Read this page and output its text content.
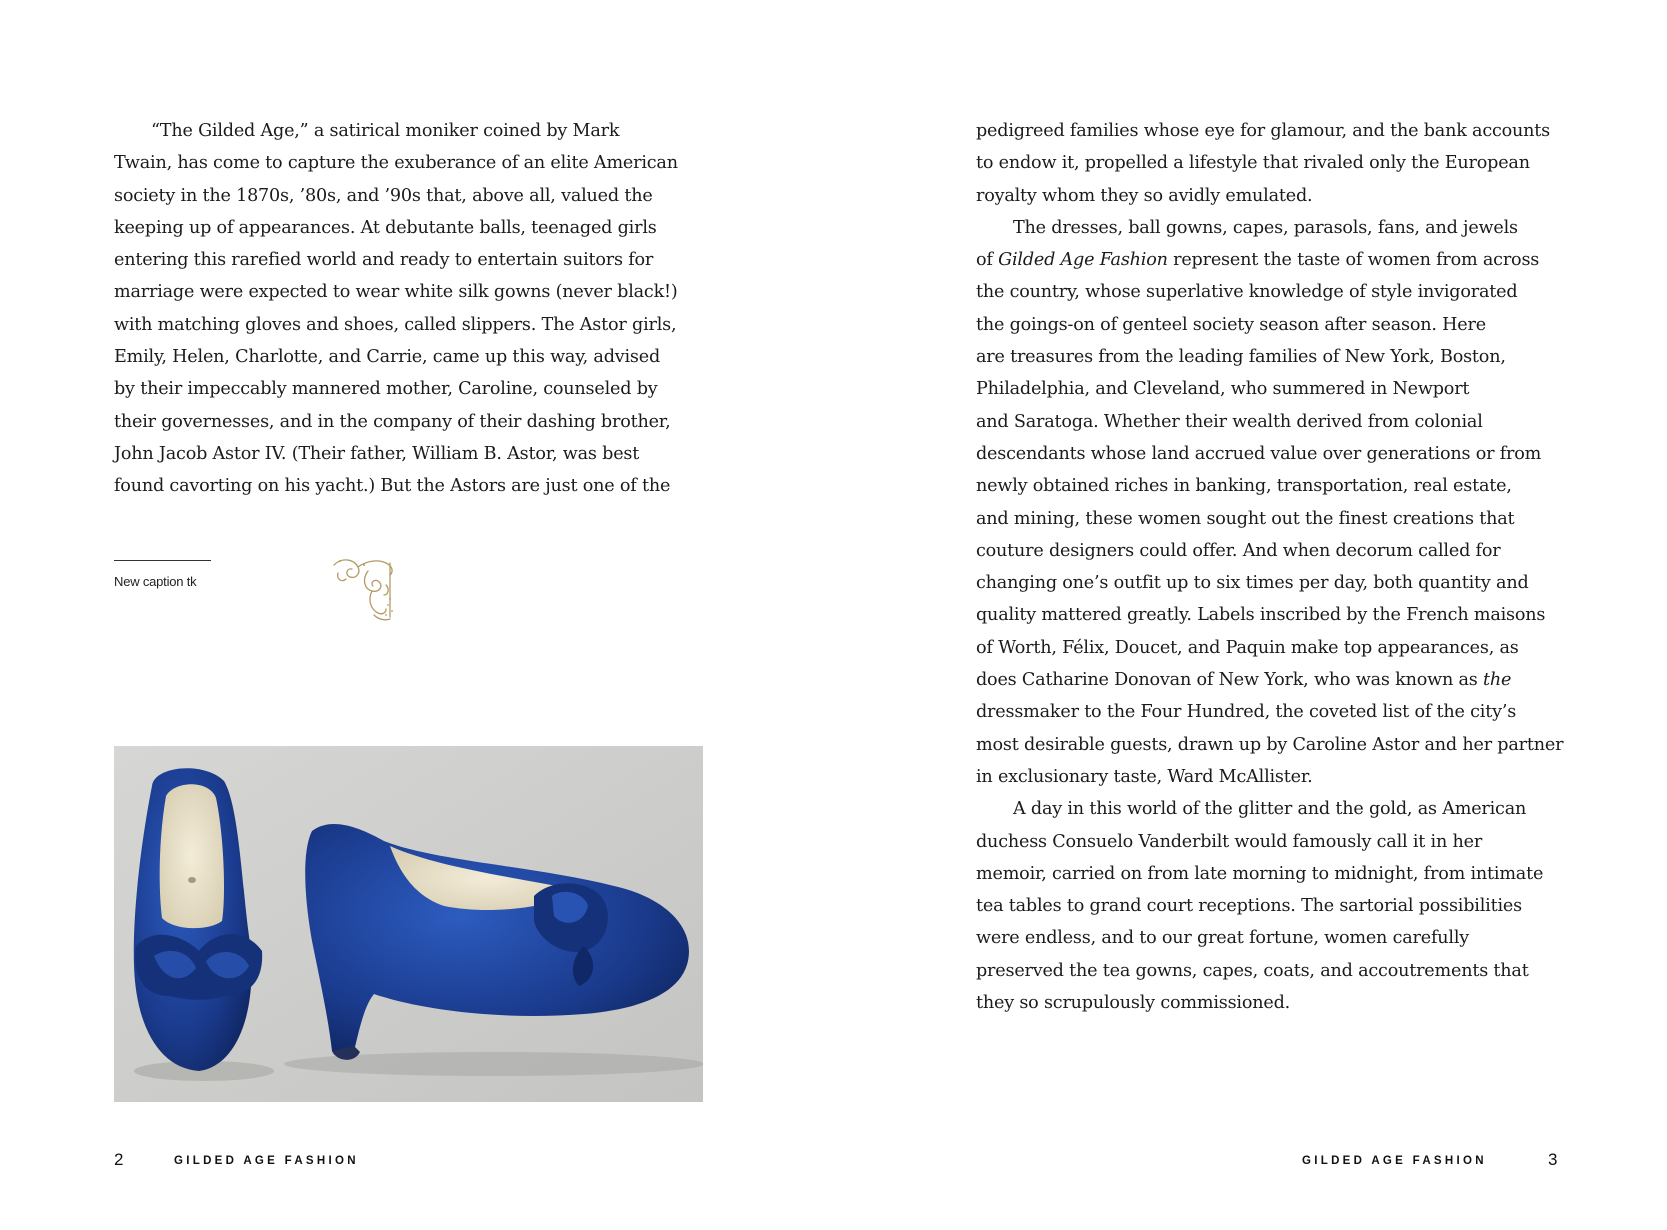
“The Gilded Age,” a satirical moniker coined by Mark
Twain, has come to capture the exuberance of an elite American
society in the 1870s, ’80s, and ’90s that, above all, valued the
keeping up of appearances. At debutante balls, teenaged girls
entering this rarefied world and ready to entertain suitors for
marriage were expected to wear white silk gowns (never black!)
with matching gloves and shoes, called slippers. The Astor girls,
Emily, Helen, Charlotte, and Carrie, came up this way, advised
by their impeccably mannered mother, Caroline, counseled by
their governesses, and in the company of their dashing brother,
John Jacob Astor IV. (Their father, William B. Astor, was best
found cavorting on his yacht.) But the Astors are just one of the
New caption tk
2	GILDED AGE FASHION
pedigreed families whose eye for glamour, and the bank accounts
to endow it, propelled a lifestyle that rivaled only the European
royalty whom they so avidly emulated.
The dresses, ball gowns, capes, parasols, fans, and jewels
of Gilded Age Fashion represent the taste of women from across
the country, whose superlative knowledge of style invigorated
the goings-on of genteel society season after season. Here
are treasures from the leading families of New York, Boston,
Philadelphia, and Cleveland, who summered in Newport
and Saratoga. Whether their wealth derived from colonial
descendants whose land accrued value over generations or from
newly obtained riches in banking, transportation, real estate,
and mining, these women sought out the finest creations that
couture designers could offer. And when decorum called for
changing one’s outfit up to six times per day, both quantity and
quality mattered greatly. Labels inscribed by the French maisons
of Worth, Félix, Doucet, and Paquin make top appearances, as
does Catharine Donovan of New York, who was known as the
dressmaker to the Four Hundred, the coveted list of the city’s
most desirable guests, drawn up by Caroline Astor and her partner
in exclusionary taste, Ward McAllister.
A day in this world of the glitter and the gold, as American
duchess Consuelo Vanderbilt would famously call it in her
memoir, carried on from late morning to midnight, from intimate
tea tables to grand court receptions. The sartorial possibilities
were endless, and to our great fortune, women carefully
preserved the tea gowns, capes, coats, and accoutrements that
they so scrupulously commissioned.
GILDED AGE FASHION	3
